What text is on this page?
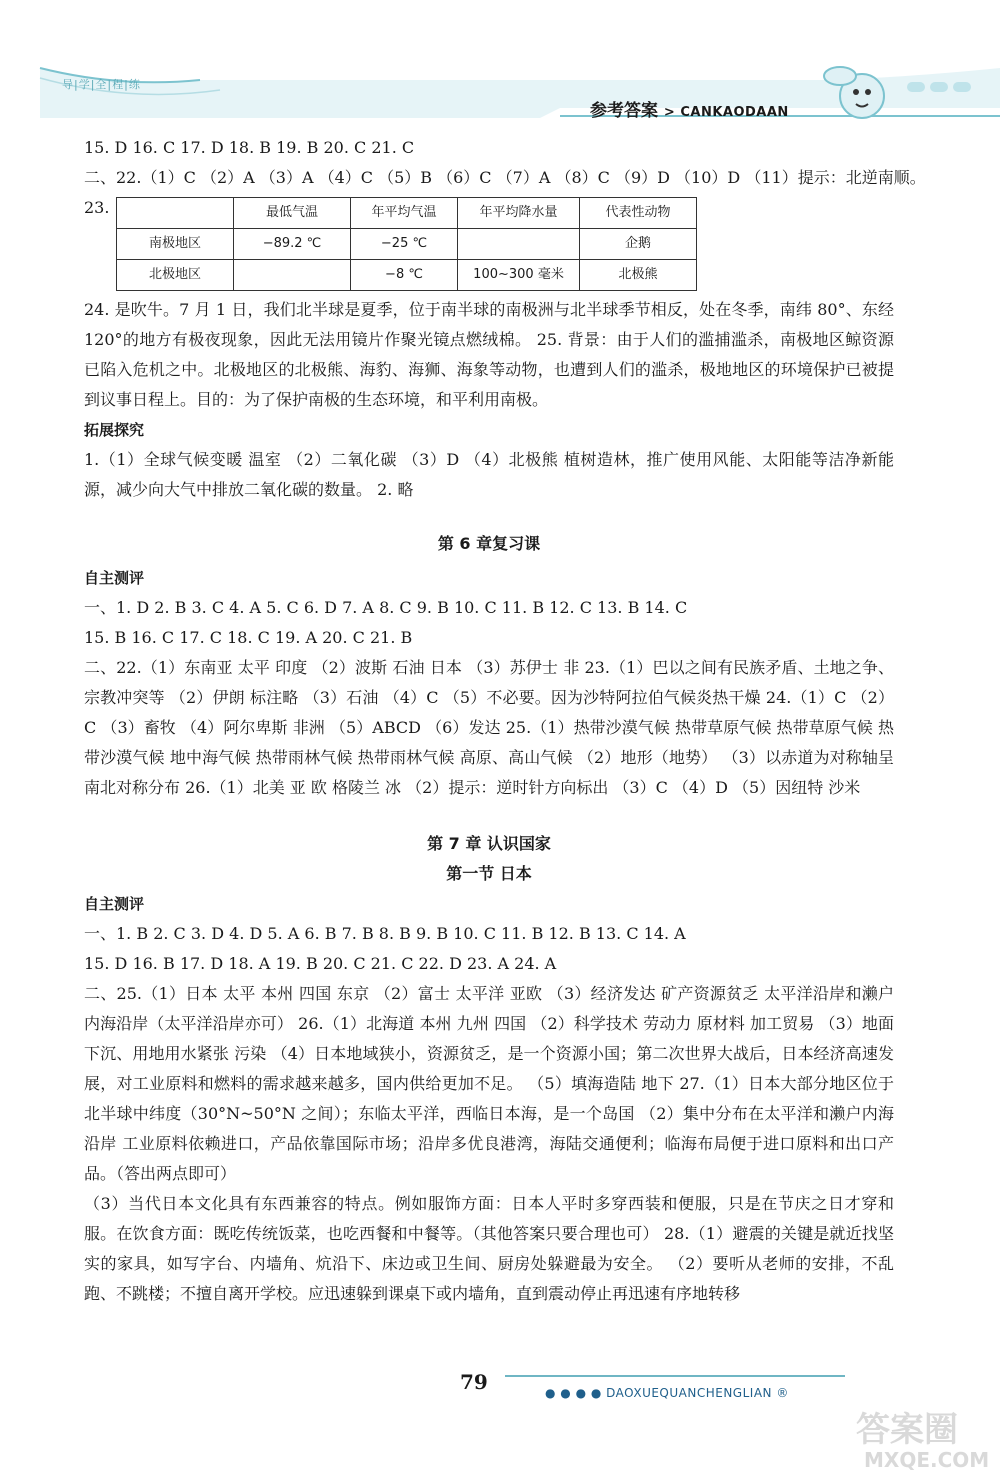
导|学|全|程|练
参考答案 > CANKAODAAN
15. D 16. C 17. D 18. B 19. B 20. C 21. C
二、22.（1）C （2）A （3）A （4）C （5）B （6）C （7）A （8）C （9）D （10）D （11）提示：北逆南顺。
23.
		最低气温	年平均气温	年平均降水量	代表性动物
南极地区	−89.2 ℃	−25 ℃		企鹅
北极地区		−8 ℃	100~300 毫米	北极熊

24. 是吹牛。7 月 1 日，我们北半球是夏季，位于南半球的南极洲与北半球季节相反，处在冬季，南纬 80°、东经 120°的地方有极夜现象，因此无法用镜片作聚光镜点燃绒棉。 25. 背景：由于人们的滥捕滥杀，南极地区鲸资源已陷入危机之中。北极地区的北极熊、海豹、海狮、海象等动物，也遭到人们的滥杀，极地地区的环境保护已被提到议事日程上。目的：为了保护南极的生态环境，和平利用南极。

拓展探究

1.（1）全球气候变暖 温室 （2）二氧化碳 （3）D （4）北极熊 植树造林，推广使用风能、太阳能等洁净新能源，减少向大气中排放二氧化碳的数量。 2. 略

第 6 章复习课
自主测评
一、1. D 2. B 3. C 4. A 5. C 6. D 7. A 8. C 9. B 10. C 11. B 12. C 13. B 14. C
15. B 16. C 17. C 18. C 19. A 20. C 21. B

二、22.（1）东南亚 太平 印度 （2）波斯 石油 日本 （3）苏伊士 非 23.（1）巴以之间有民族矛盾、土地之争、宗教冲突等 （2）伊朗 标注略 （3）石油 （4）C （5）不必要。因为沙特阿拉伯气候炎热干燥 24.（1）C （2）C （3）畜牧 （4）阿尔卑斯 非洲 （5）ABCD （6）发达 25.（1）热带沙漠气候 热带草原气候 热带草原气候 热带沙漠气候 地中海气候 热带雨林气候 热带雨林气候 高原、高山气候 （2）地形（地势） （3）以赤道为对称轴呈南北对称分布 26.（1）北美 亚 欧 格陵兰 冰 （2）提示：逆时针方向标出 （3）C （4）D （5）因纽特 沙米

第 7 章 认识国家
第一节 日本
自主测评
一、1. B 2. C 3. D 4. D 5. A 6. B 7. B 8. B 9. B 10. C 11. B 12. B 13. C 14. A
15. D 16. B 17. D 18. A 19. B 20. C 21. C 22. D 23. A 24. A

二、25.（1）日本 太平 本州 四国 东京 （2）富士 太平洋 亚欧 （3）经济发达 矿产资源贫乏 太平洋沿岸和濑户内海沿岸（太平洋沿岸亦可） 26.（1）北海道 本州 九州 四国 （2）科学技术 劳动力 原材料 加工贸易 （3）地面下沉、用地用水紧张 污染 （4）日本地域狭小，资源贫乏，是一个资源小国；第二次世界大战后，日本经济高速发展，对工业原料和燃料的需求越来越多，国内供给更加不足。 （5）填海造陆 地下 27.（1）日本大部分地区位于北半球中纬度（30°N~50°N 之间）；东临太平洋，西临日本海，是一个岛国 （2）集中分布在太平洋和濑户内海沿岸 工业原料依赖进口，产品依靠国际市场；沿岸多优良港湾，海陆交通便利；临海布局便于进口原料和出口产品。（答出两点即可）

（3）当代日本文化具有东西兼容的特点。例如服饰方面：日本人平时多穿西装和便服，只是在节庆之日才穿和服。在饮食方面：既吃传统饭菜，也吃西餐和中餐等。（其他答案只要合理也可） 28.（1）避震的关键是就近找坚实的家具，如写字台、内墙角、炕沿下、床边或卫生间、厨房处躲避最为安全。 （2）要听从老师的安排，不乱跑、不跳楼；不擅自离开学校。应迅速躲到课桌下或内墙角，直到震动停止再迅速有序地转移

79	● ● ● ● DAOXUEQUANCHENGLIAN ®
答案圈
MXQE.COM
